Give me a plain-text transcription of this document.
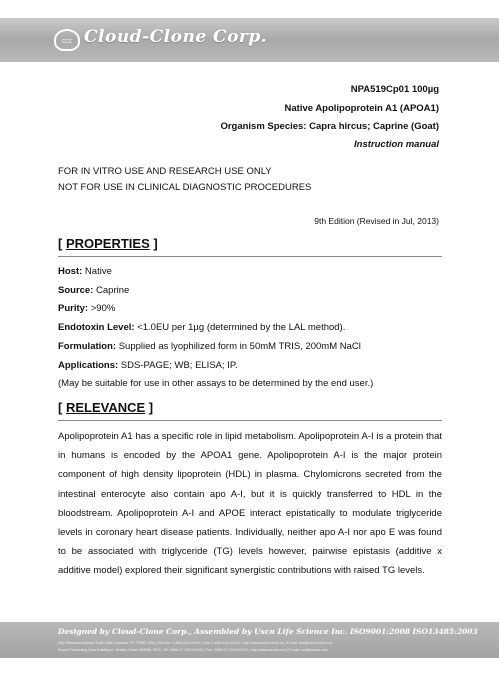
CCC Cloud-Clone Corp.
NPA519Cp01 100µg
Native Apolipoprotein A1 (APOA1)
Organism Species: Capra hircus; Caprine (Goat)
Instruction manual
FOR IN VITRO USE AND RESEARCH USE ONLY
NOT FOR USE IN CLINICAL DIAGNOSTIC PROCEDURES
9th Edition (Revised in Jul, 2013)
[ PROPERTIES ]
Host: Native
Source: Caprine
Purity: >90%
Endotoxin Level: <1.0EU per 1µg (determined by the LAL method).
Formulation: Supplied as lyophilized form in 50mM TRIS, 200mM NaCl
Applications: SDS-PAGE; WB; ELISA; IP.
(May be suitable for use in other assays to be determined by the end user.)
[ RELEVANCE ]
Apolipoprotein A1 has a specific role in lipid metabolism. Apolipoprotein A-I is a protein that in humans is encoded by the APOA1 gene. Apolipoprotein A-I is the major protein component of high density lipoprotein (HDL) in plasma. Chylomicrons secreted from the intestinal enterocyte also contain apo A-I, but it is quickly transferred to HDL in the bloodstream. Apolipoprotein A-I and APOE interact epistatically to modulate triglyceride levels in coronary heart disease patients. Individually, neither apo A-I nor apo E was found to be associated with triglyceride (TG) levels however, pairwise epistasis (additive x additive model) explored their significant synergistic contributions with raised TG levels.
Designed by Cloud-Clone Corp., Assembled by Uscn Life Science Inc. ISO9001:2008 ISO13485:2003
HQ: Richmond Avenue Suite 3456, Houston, TX 77082, USA | Toll-free: 1-800-XXX-XXXX | Fax: 1-832-XXX-XXXX | http://www.cloud-clone.us | E-mail: mail@cloud-clone.us
Export Processing Zone Building 6, Wuhan, Hubei 430056, PRC | Tel: 0086-27-XXXXXXXX | Fax: 0086-27-XXXXXXXX | http://www.uscnk.com | E-mail: mail@uscnk.com
